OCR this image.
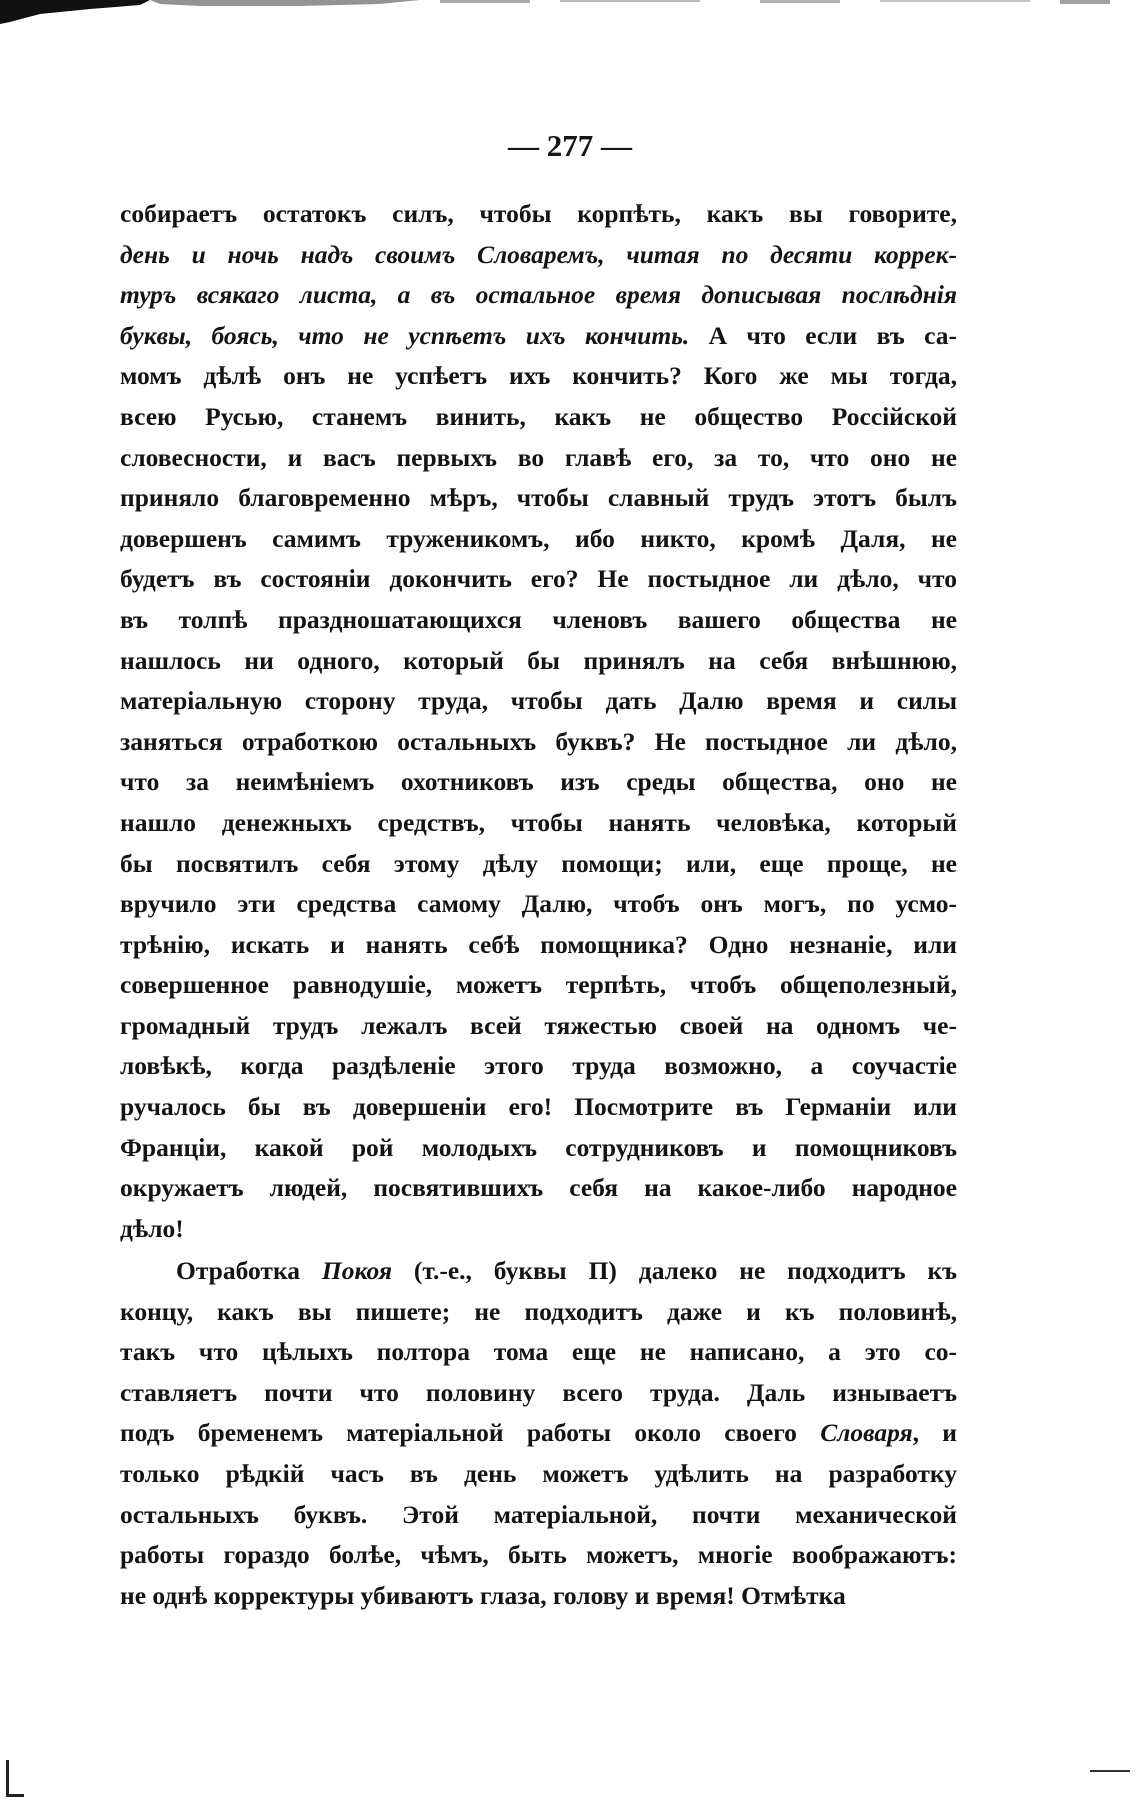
— 277 —
собираетъ остатокъ силъ, чтобы корпѣть, какъ вы говорите,
день и ночь надъ своимъ Словаремъ, читая по десяти коррек-
туръ всякаго листа, а въ остальное время дописывая послѣднія
буквы, боясь, что не успѣетъ ихъ кончить. А что если въ са-
момъ дѣлѣ онъ не успѣетъ ихъ кончить? Кого же мы тогда,
всею Русью, станемъ винить, какъ не общество Россійской
словесности, и васъ первыхъ во главѣ его, за то, что оно не
приняло благовременно мѣръ, чтобы славный трудъ этотъ былъ
довершенъ самимъ труженикомъ, ибо никто, кромѣ Даля, не
будетъ въ состояніи докончить его? Не постыдное ли дѣло, что
въ толпѣ праздношатающихся членовъ вашего общества не
нашлось ни одного, который бы принялъ на себя внѣшнюю,
матеріальную сторону труда, чтобы дать Далю время и силы
заняться отработкою остальныхъ буквъ? Не постыдное ли дѣло,
что за неимѣніемъ охотниковъ изъ среды общества, оно не
нашло денежныхъ средствъ, чтобы нанять человѣка, который
бы посвятилъ себя этому дѣлу помощи; или, еще проще, не
вручило эти средства самому Далю, чтобъ онъ могъ, по усмо-
трѣнію, искать и нанять себѣ помощника? Одно незнаніе, или
совершенное равнодушіе, можетъ терпѣть, чтобъ общеполезный,
громадный трудъ лежалъ всей тяжестью своей на одномъ че-
ловѣкѣ, когда раздѣленіе этого труда возможно, а соучастіе
ручалось бы въ довершеніи его! Посмотрите въ Германіи или
Франціи, какой рой молодыхъ сотрудниковъ и помощниковъ
окружаетъ людей, посвятившихъ себя на какое-либо народное
дѣло!
Отработка Покоя (т.-е., буквы П) далеко не подходитъ къ
концу, какъ вы пишете; не подходитъ даже и къ половинѣ,
такъ что цѣлыхъ полтора тома еще не написано, а это со-
ставляетъ почти что половину всего труда. Даль изнываетъ
подъ бременемъ матеріальной работы около своего Словаря, и
только рѣдкій часъ въ день можетъ удѣлить на разработку
остальныхъ буквъ. Этой матеріальной, почти механической
работы гораздо болѣе, чѣмъ, быть можетъ, многіе воображаютъ:
не однѣ корректуры убиваютъ глаза, голову и время! Отмѣтка
